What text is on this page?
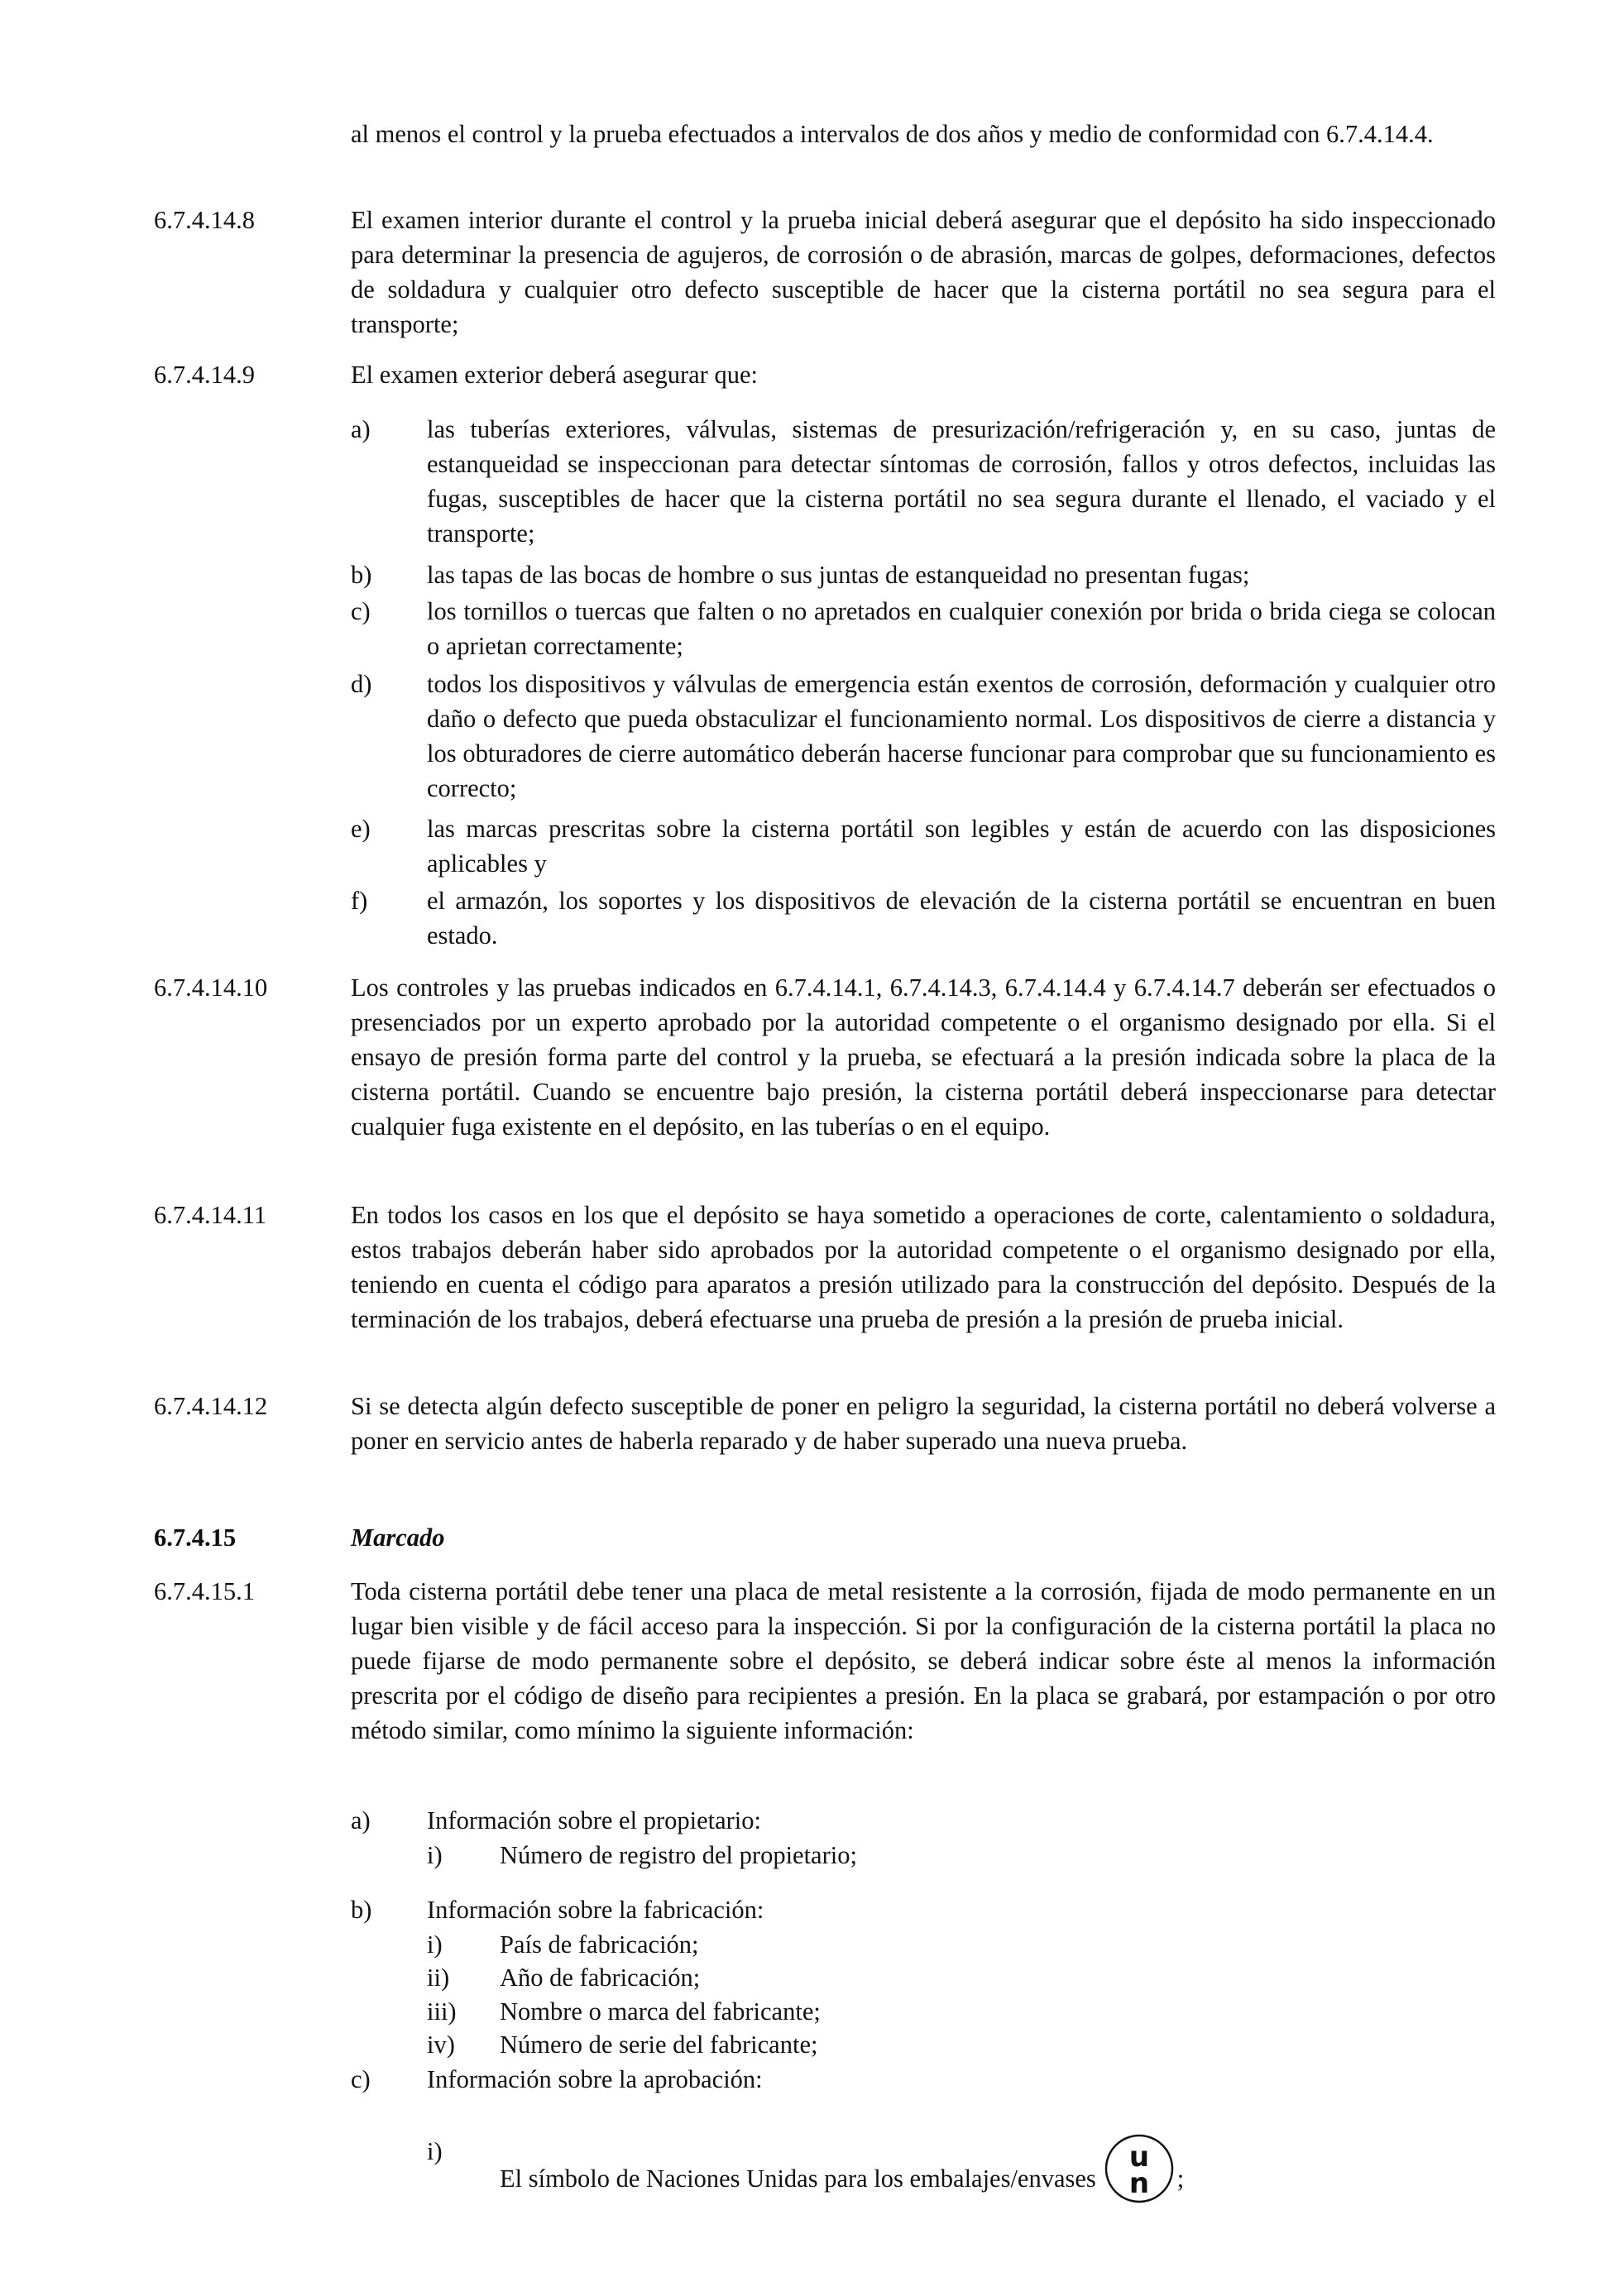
al menos el control y la prueba efectuados a intervalos de dos años y medio de conformidad con 6.7.4.14.4.
6.7.4.14.8	El examen interior durante el control y la prueba inicial deberá asegurar que el depósito ha sido inspeccionado para determinar la presencia de agujeros, de corrosión o de abrasión, marcas de golpes, deformaciones, defectos de soldadura y cualquier otro defecto susceptible de hacer que la cisterna portátil no sea segura para el transporte;
6.7.4.14.9	El examen exterior deberá asegurar que:
a) las tuberías exteriores, válvulas, sistemas de presurización/refrigeración y, en su caso, juntas de estanqueidad se inspeccionan para detectar síntomas de corrosión, fallos y otros defectos, incluidas las fugas, susceptibles de hacer que la cisterna portátil no sea segura durante el llenado, el vaciado y el transporte;
b) las tapas de las bocas de hombre o sus juntas de estanqueidad no presentan fugas;
c) los tornillos o tuercas que falten o no apretados en cualquier conexión por brida o brida ciega se colocan o aprietan correctamente;
d) todos los dispositivos y válvulas de emergencia están exentos de corrosión, deformación y cualquier otro daño o defecto que pueda obstaculizar el funcionamiento normal. Los dispositivos de cierre a distancia y los obturadores de cierre automático deberán hacerse funcionar para comprobar que su funcionamiento es correcto;
e) las marcas prescritas sobre la cisterna portátil son legibles y están de acuerdo con las disposiciones aplicables y
f) el armazón, los soportes y los dispositivos de elevación de la cisterna portátil se encuentran en buen estado.
6.7.4.14.10	Los controles y las pruebas indicados en 6.7.4.14.1, 6.7.4.14.3, 6.7.4.14.4 y 6.7.4.14.7 deberán ser efectuados o presenciados por un experto aprobado por la autoridad competente o el organismo designado por ella. Si el ensayo de presión forma parte del control y la prueba, se efectuará a la presión indicada sobre la placa de la cisterna portátil. Cuando se encuentre bajo presión, la cisterna portátil deberá inspeccionarse para detectar cualquier fuga existente en el depósito, en las tuberías o en el equipo.
6.7.4.14.11	En todos los casos en los que el depósito se haya sometido a operaciones de corte, calentamiento o soldadura, estos trabajos deberán haber sido aprobados por la autoridad competente o el organismo designado por ella, teniendo en cuenta el código para aparatos a presión utilizado para la construcción del depósito. Después de la terminación de los trabajos, deberá efectuarse una prueba de presión a la presión de prueba inicial.
6.7.4.14.12	Si se detecta algún defecto susceptible de poner en peligro la seguridad, la cisterna portátil no deberá volverse a poner en servicio antes de haberla reparado y de haber superado una nueva prueba.
6.7.4.15	Marcado
6.7.4.15.1	Toda cisterna portátil debe tener una placa de metal resistente a la corrosión, fijada de modo permanente en un lugar bien visible y de fácil acceso para la inspección. Si por la configuración de la cisterna portátil la placa no puede fijarse de modo permanente sobre el depósito, se deberá indicar sobre éste al menos la información prescrita por el código de diseño para recipientes a presión. En la placa se grabará, por estampación o por otro método similar, como mínimo la siguiente información:
a) Información sobre el propietario:
i) Número de registro del propietario;
b) Información sobre la fabricación:
i) País de fabricación;
ii) Año de fabricación;
iii) Nombre o marca del fabricante;
iv) Número de serie del fabricante;
c) Información sobre la aprobación:
i)
El símbolo de Naciones Unidas para los embalajes/envases
u
n ;
